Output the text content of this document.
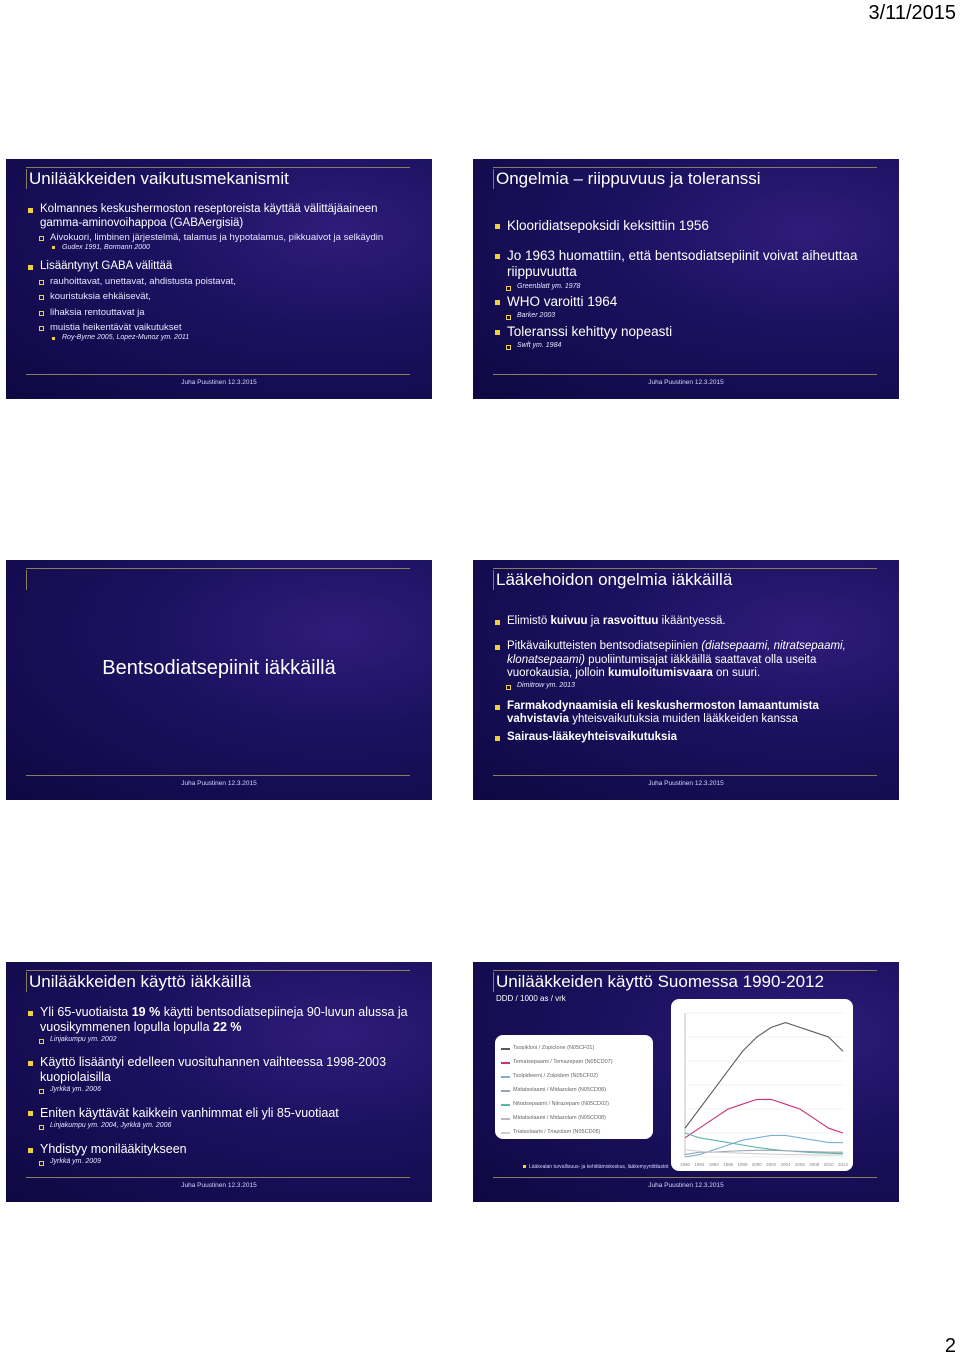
3/11/2015
Unilääkkeiden vaikutusmekanismit
Kolmannes keskushermoston reseptoreista käyttää välittäjäaineen gamma-aminovoihappoa (GABAergisiä)
Aivokuori, limbinen järjestelmä, talamus ja hypotalamus, pikkuaivot ja selkäydin
Gudex 1991, Bormann 2000
Lisääntynyt GABA välittää
rauhoittavat, unettavat, ahdistusta poistavat,
kouristuksia ehkäisevät,
lihaksia rentouttavat ja
muistia heikentävät vaikutukset
Roy-Byrne 2005, Lopez-Munoz ym. 2011
Juha Puustinen 12.3.2015
Ongelmia – riippuvuus ja toleranssi
Klooridiatsepoksidi keksittiin 1956
Jo 1963 huomattiin, että bentsodiatsepiinit voivat aiheuttaa riippuvuutta
Greenblatt ym. 1978
WHO varoitti 1964
Barker 2003
Toleranssi kehittyy nopeasti
Swft ym. 1984
Juha Puustinen 12.3.2015
Bentsodiatsepiinit iäkkäillä
Juha Puustinen 12.3.2015
Lääkehoidon ongelmia iäkkäillä
Elimistö kuivuu ja rasvoittuu ikääntyessä.
Pitkävaikutteisten bentsodiatsepiinien (diatsepaami, nitratsepaami, klonatsepaami) puoliintumisajat iäkkäillä saattavat olla useita vuorokausia, jolloin kumuloitumisvaara on suuri.
Dimitrow ym. 2013
Farmakodynaamisia eli keskushermoston lamaantumista vahvistavia yhteisvaikutuksia muiden lääkkeiden kanssa
Sairaus-lääkeyhteisvaikutuksia
Juha Puustinen 12.3.2015
Unilääkkeiden käyttö iäkkäillä
Yli 65-vuotiaista 19 % käytti bentsodiatsepiineja 90-luvun alussa ja vuosikymmenen lopulla lopulla 22 %
Linjakumpu ym. 2002
Käyttö lisääntyi edelleen vuosituhannen vaihteessa 1998-2003 kuopiolaisilla
Jyrkkä ym. 2006
Eniten käyttävät kaikkein vanhimmat eli yli 85-vuotiaat
Linjakumpu ym. 2004, Jyrkkä ym. 2006
Yhdistyy monilääkitykseen
Jyrkkä ym. 2009
Juha Puustinen 12.3.2015
Unilääkkeiden käyttö Suomessa 1990-2012
DDD / 1000 as / vrk
Tsopikloni / Zopiclone (N05CF01)
Tematsepaami / Temazepam (N05CD07)
Tsolpideemi / Zolpidem (N05CF02)
Midatsolaami / Midazolam (N05CD08)
Nitratsepaami / Nitrazepam (N05CD02)
Midatsolaami / Midazolam (N05CD08)
Triatsolaami / Triazolam (N05CD05)
1990 1992 1994 1996 1998 2000 2002 2004 2006 2008 2010 2012
Lääkealan turvallisuus- ja kehittämiskeskus, lääkemyyntitilastot
Juha Puustinen 12.3.2015
2
